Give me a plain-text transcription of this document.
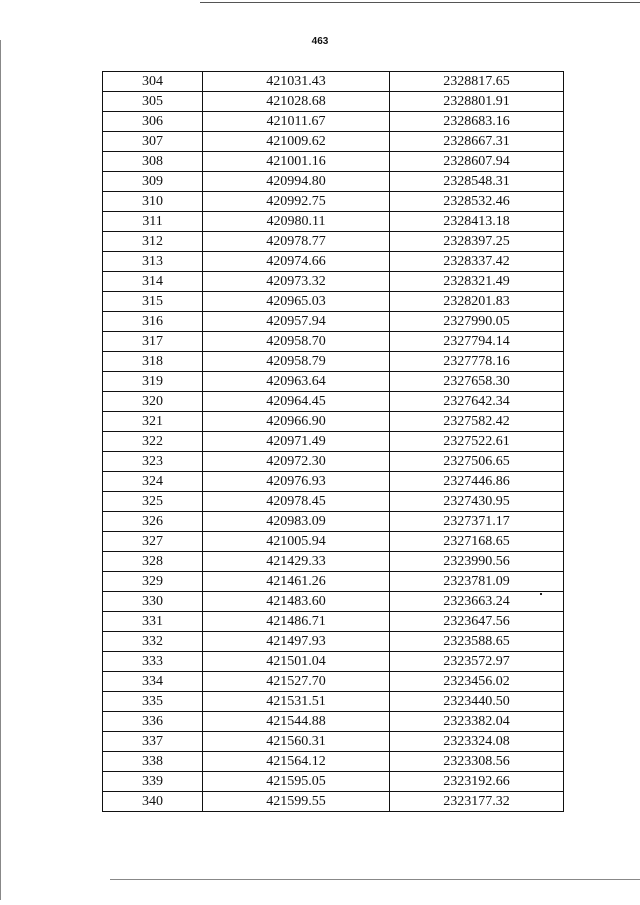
463
304	421031.43	2328817.65
305	421028.68	2328801.91
306	421011.67	2328683.16
307	421009.62	2328667.31
308	421001.16	2328607.94
309	420994.80	2328548.31
310	420992.75	2328532.46
311	420980.11	2328413.18
312	420978.77	2328397.25
313	420974.66	2328337.42
314	420973.32	2328321.49
315	420965.03	2328201.83
316	420957.94	2327990.05
317	420958.70	2327794.14
318	420958.79	2327778.16
319	420963.64	2327658.30
320	420964.45	2327642.34
321	420966.90	2327582.42
322	420971.49	2327522.61
323	420972.30	2327506.65
324	420976.93	2327446.86
325	420978.45	2327430.95
326	420983.09	2327371.17
327	421005.94	2327168.65
328	421429.33	2323990.56
329	421461.26	2323781.09
330	421483.60	2323663.24
331	421486.71	2323647.56
332	421497.93	2323588.65
333	421501.04	2323572.97
334	421527.70	2323456.02
335	421531.51	2323440.50
336	421544.88	2323382.04
337	421560.31	2323324.08
338	421564.12	2323308.56
339	421595.05	2323192.66
340	421599.55	2323177.32
